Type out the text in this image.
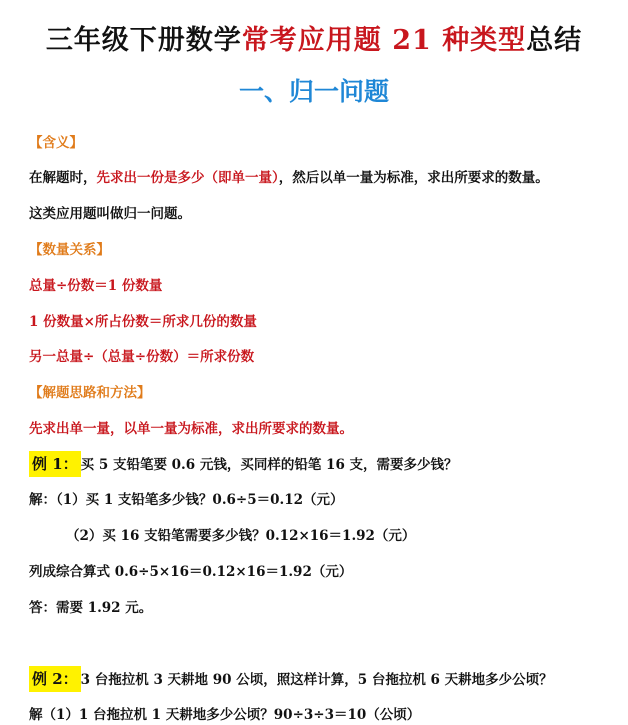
三年级下册数学常考应用题 21 种类型总结
一、归一问题
【含义】
在解题时，先求出一份是多少（即单一量），然后以单一量为标准，求出所要求的数量。
这类应用题叫做归一问题。
【数量关系】
总量÷份数＝1 份数量
1 份数量×所占份数＝所求几份的数量
另一总量÷（总量÷份数）＝所求份数
【解题思路和方法】
先求出单一量，以单一量为标准，求出所要求的数量。
例 1： 买 5 支铅笔要 0.6 元钱，买同样的铅笔 16 支，需要多少钱？
解：（1）买 1 支铅笔多少钱？0.6÷5＝0.12（元）
（2）买 16 支铅笔需要多少钱？0.12×16＝1.92（元）
列成综合算式 0.6÷5×16＝0.12×16＝1.92（元）
答：需要 1.92 元。
例 2： 3 台拖拉机 3 天耕地 90 公顷，照这样计算，5 台拖拉机 6 天耕地多少公顷？
解（1）1 台拖拉机 1 天耕地多少公顷？90÷3÷3＝10（公顷）
